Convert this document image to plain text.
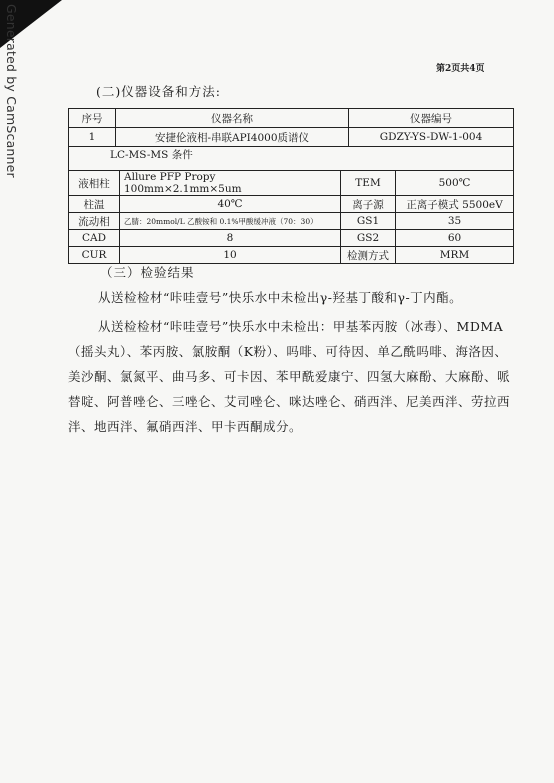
Generated by CamScanner	第2页共4页
(二)仪器设备和方法:
序号	仪器名称	仪器编号
1	安捷伦液相-串联API4000质谱仪	GDZY-YS-DW-1-004
LC-MS-MS 条件
液相柱	Allure PFP Propy 100mm×2.1mm×5um	TEM	500℃
柱温	40℃	离子源	正离子模式 5500eV
流动相	乙腈：20mmol/L 乙酸铵和 0.1%甲酸缓冲液（70：30）	GS1	35
CAD	8	GS2	60
CUR	10	检测方式	MRM
（三）检验结果
从送检检材“咔哇壹号”快乐水中未检出γ-羟基丁酸和γ-丁内酯。
从送检检材“咔哇壹号”快乐水中未检出：甲基苯丙胺（冰毒）、MDMA（摇头丸）、苯丙胺、氯胺酮（K粉）、吗啡、可待因、单乙酰吗啡、海洛因、美沙酮、氯氮平、曲马多、可卡因、苯甲酰爱康宁、四氢大麻酚、大麻酚、哌替啶、阿普唑仑、三唑仑、艾司唑仑、咪达唑仑、硝西泮、尼美西泮、劳拉西泮、地西泮、氟硝西泮、甲卡西酮成分。
